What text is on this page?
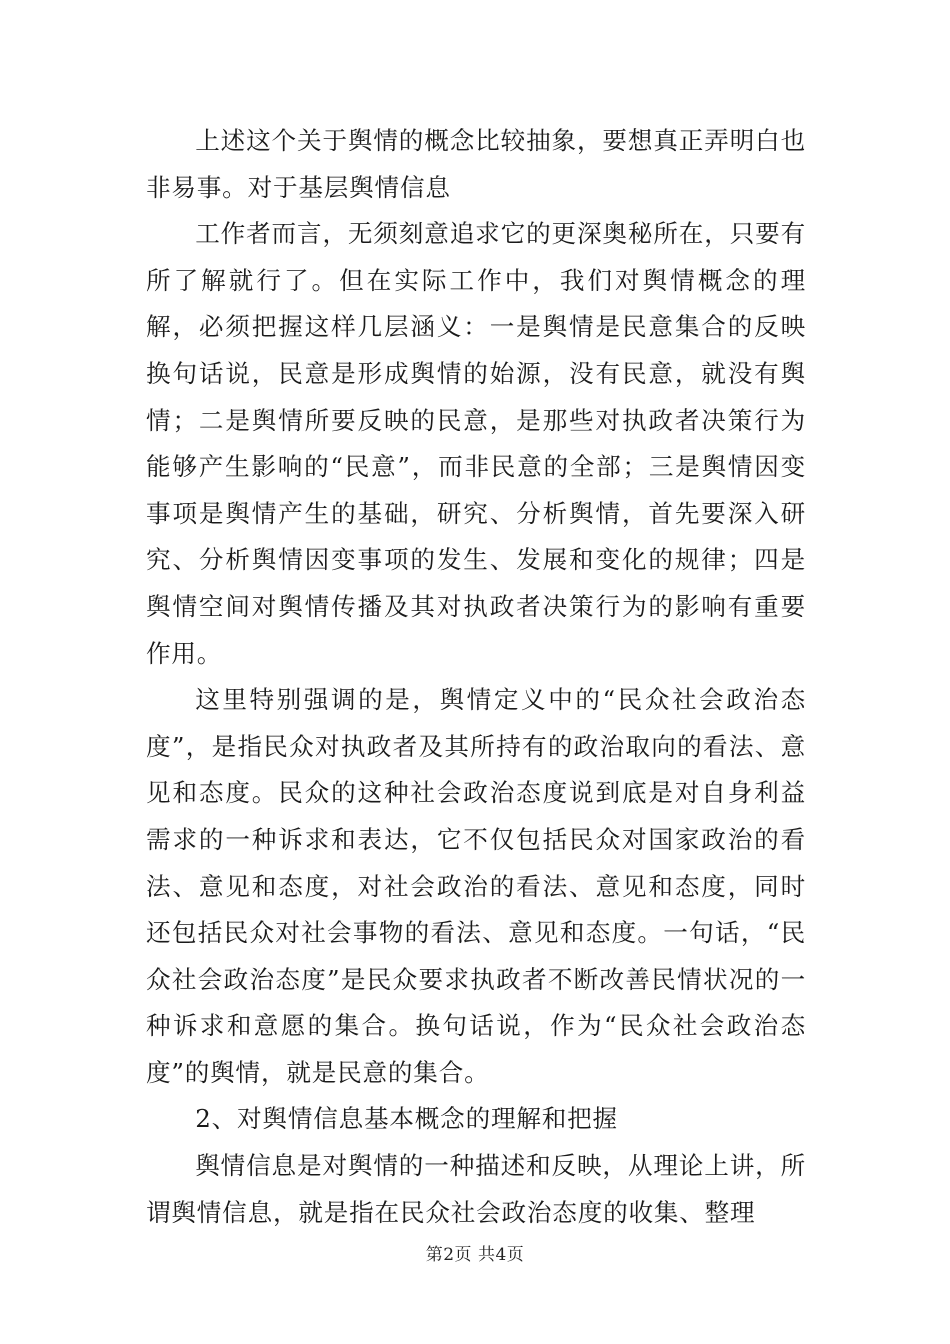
上述这个关于舆情的概念比较抽象，要想真正弄明白也非易事。对于基层舆情信息

工作者而言，无须刻意追求它的更深奥秘所在，只要有所了解就行了。但在实际工作中，我们对舆情概念的理解，必须把握这样几层涵义：一是舆情是民意集合的反映换句话说，民意是形成舆情的始源，没有民意，就没有舆情；二是舆情所要反映的民意，是那些对执政者决策行为能够产生影响的“民意”，而非民意的全部；三是舆情因变事项是舆情产生的基础，研究、分析舆情，首先要深入研究、分析舆情因变事项的发生、发展和变化的规律；四是舆情空间对舆情传播及其对执政者决策行为的影响有重要作用。

这里特别强调的是，舆情定义中的“民众社会政治态度”，是指民众对执政者及其所持有的政治取向的看法、意见和态度。民众的这种社会政治态度说到底是对自身利益需求的一种诉求和表达，它不仅包括民众对国家政治的看法、意见和态度，对社会政治的看法、意见和态度，同时还包括民众对社会事物的看法、意见和态度。一句话，“民众社会政治态度”是民众要求执政者不断改善民情状况的一种诉求和意愿的集合。换句话说，作为“民众社会政治态度”的舆情，就是民意的集合。

2、对舆情信息基本概念的理解和把握

舆情信息是对舆情的一种描述和反映，从理论上讲，所谓舆情信息，就是指在民众社会政治态度的收集、整理

第2页 共4页
